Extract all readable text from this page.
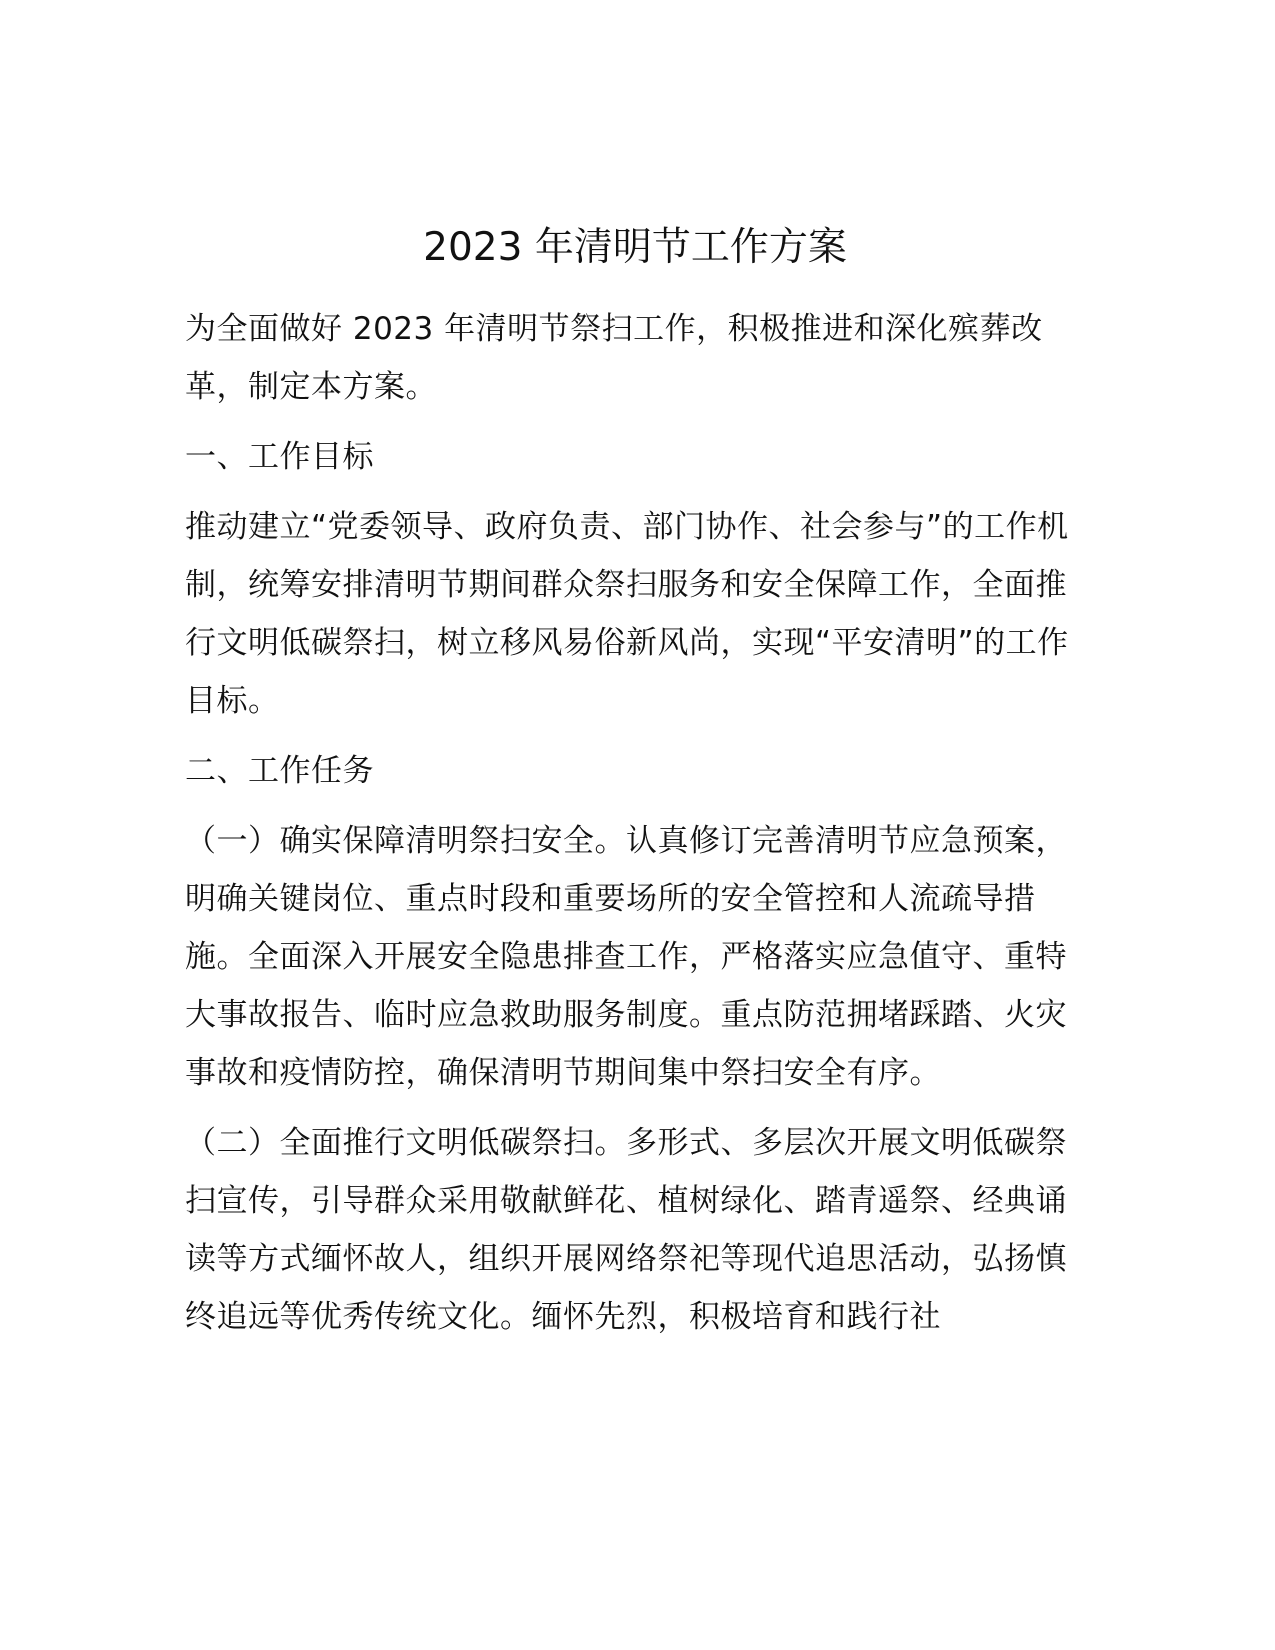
2023 年清明节工作方案

为全面做好 2023 年清明节祭扫工作，积极推进和深化殡葬改革，制定本方案。

一、工作目标

推动建立“党委领导、政府负责、部门协作、社会参与”的工作机制，统筹安排清明节期间群众祭扫服务和安全保障工作，全面推行文明低碳祭扫，树立移风易俗新风尚，实现“平安清明”的工作目标。

二、工作任务

（一）确实保障清明祭扫安全。认真修订完善清明节应急预案，明确关键岗位、重点时段和重要场所的安全管控和人流疏导措施。全面深入开展安全隐患排查工作，严格落实应急值守、重特大事故报告、临时应急救助服务制度。重点防范拥堵踩踏、火灾事故和疫情防控，确保清明节期间集中祭扫安全有序。

（二）全面推行文明低碳祭扫。多形式、多层次开展文明低碳祭扫宣传，引导群众采用敬献鲜花、植树绿化、踏青遥祭、经典诵读等方式缅怀故人，组织开展网络祭祀等现代追思活动，弘扬慎终追远等优秀传统文化。缅怀先烈，积极培育和践行社
